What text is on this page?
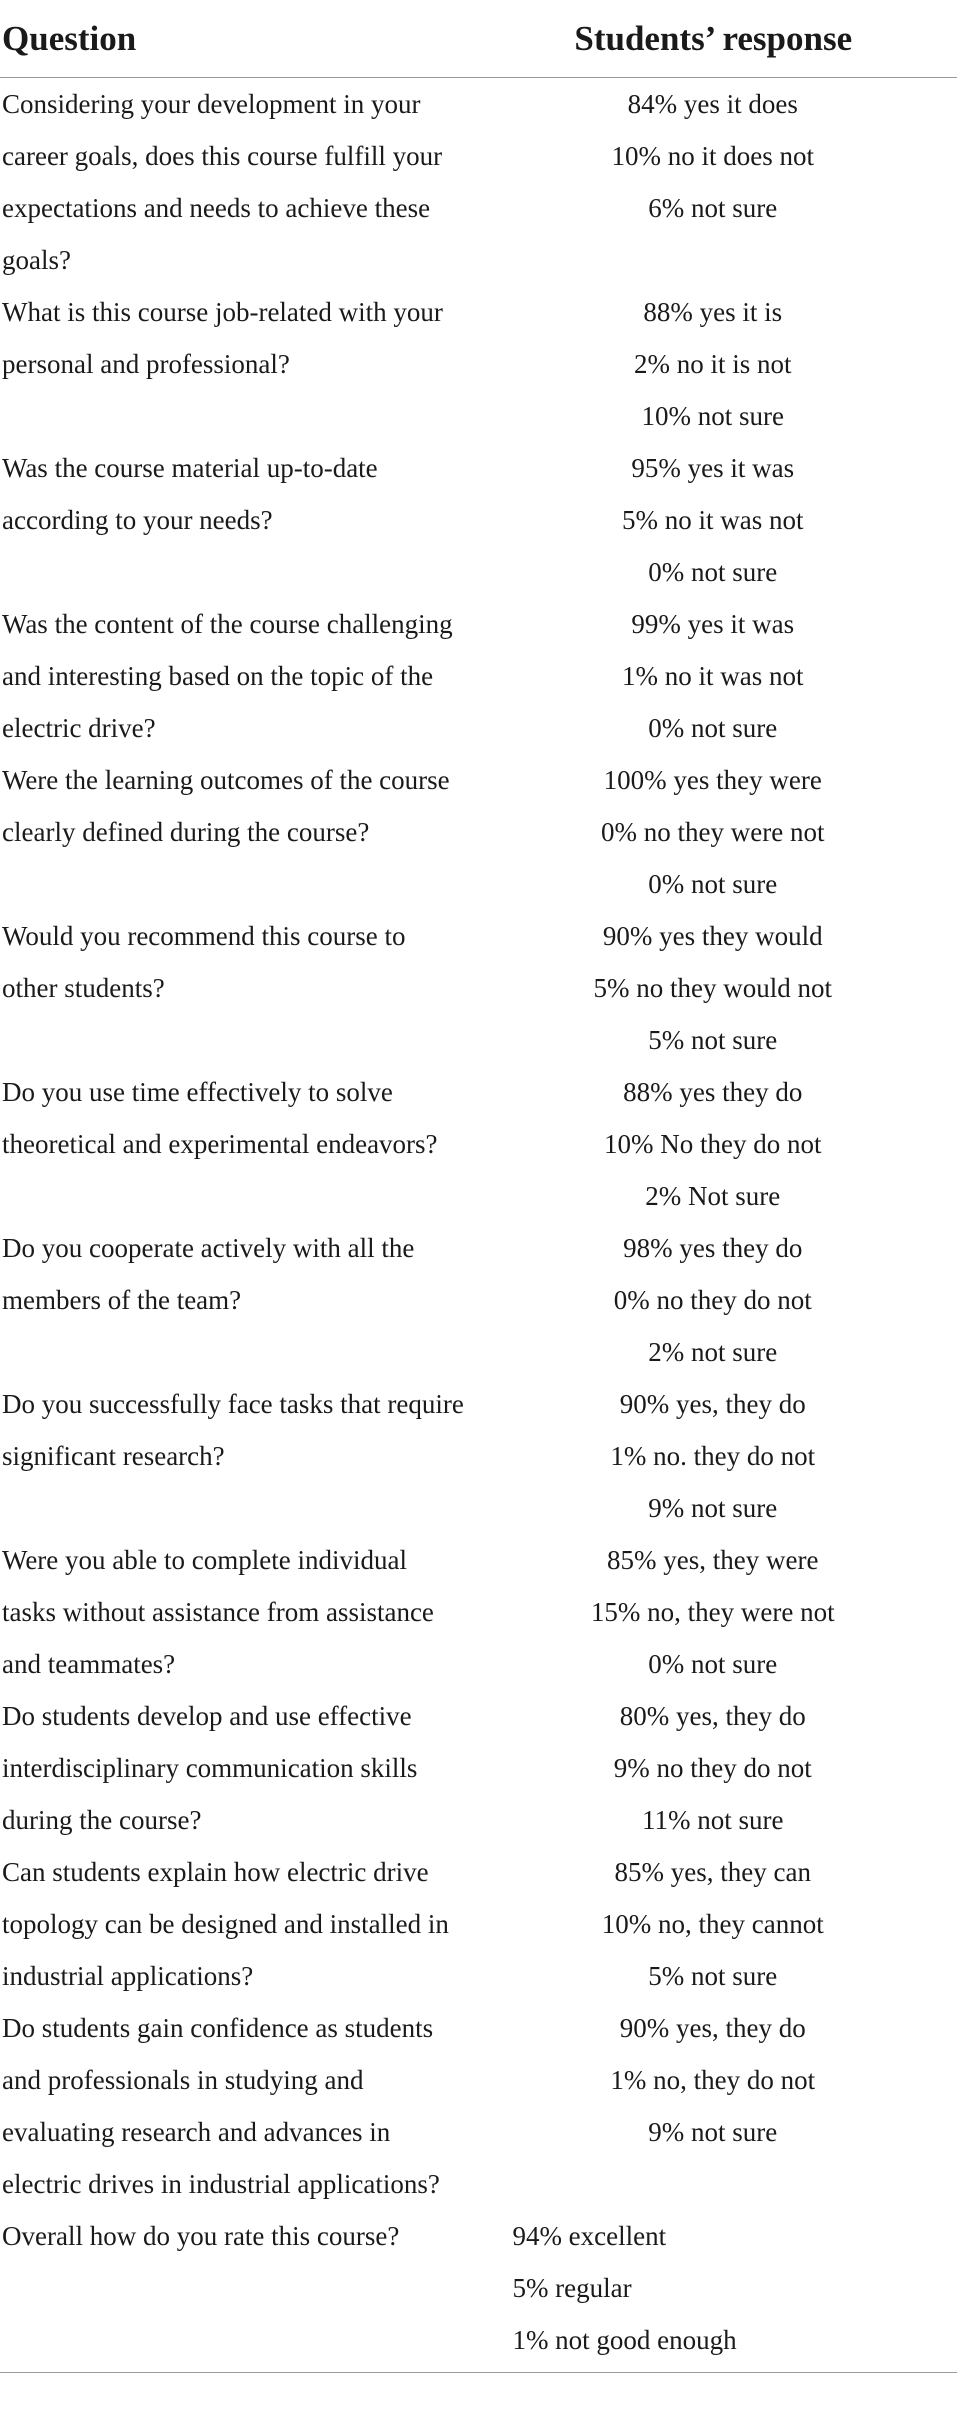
Question	Students’ response
Considering your development in your
career goals, does this course fulfill your
expectations and needs to achieve these
goals?
84% yes it does
10% no it does not
6% not sure
What is this course job-related with your
personal and professional?
88% yes it is
2% no it is not
10% not sure
Was the course material up-to-date
according to your needs?
95% yes it was
5% no it was not
0% not sure
Was the content of the course challenging
and interesting based on the topic of the
electric drive?
99% yes it was
1% no it was not
0% not sure
Were the learning outcomes of the course
clearly defined during the course?
100% yes they were
0% no they were not
0% not sure
Would you recommend this course to
other students?
90% yes they would
5% no they would not
5% not sure
Do you use time effectively to solve
theoretical and experimental endeavors?
88% yes they do
10% No they do not
2% Not sure
Do you cooperate actively with all the
members of the team?
98% yes they do
0% no they do not
2% not sure
Do you successfully face tasks that require
significant research?
90% yes, they do
1% no. they do not
9% not sure
Were you able to complete individual
tasks without assistance from assistance
and teammates?
85% yes, they were
15% no, they were not
0% not sure
Do students develop and use effective
interdisciplinary communication skills
during the course?
80% yes, they do
9% no they do not
11% not sure
Can students explain how electric drive
topology can be designed and installed in
industrial applications?
85% yes, they can
10% no, they cannot
5% not sure
Do students gain confidence as students
and professionals in studying and
evaluating research and advances in
electric drives in industrial applications?
90% yes, they do
1% no, they do not
9% not sure
Overall how do you rate this course?	94% excellent
5% regular
1% not good enough
